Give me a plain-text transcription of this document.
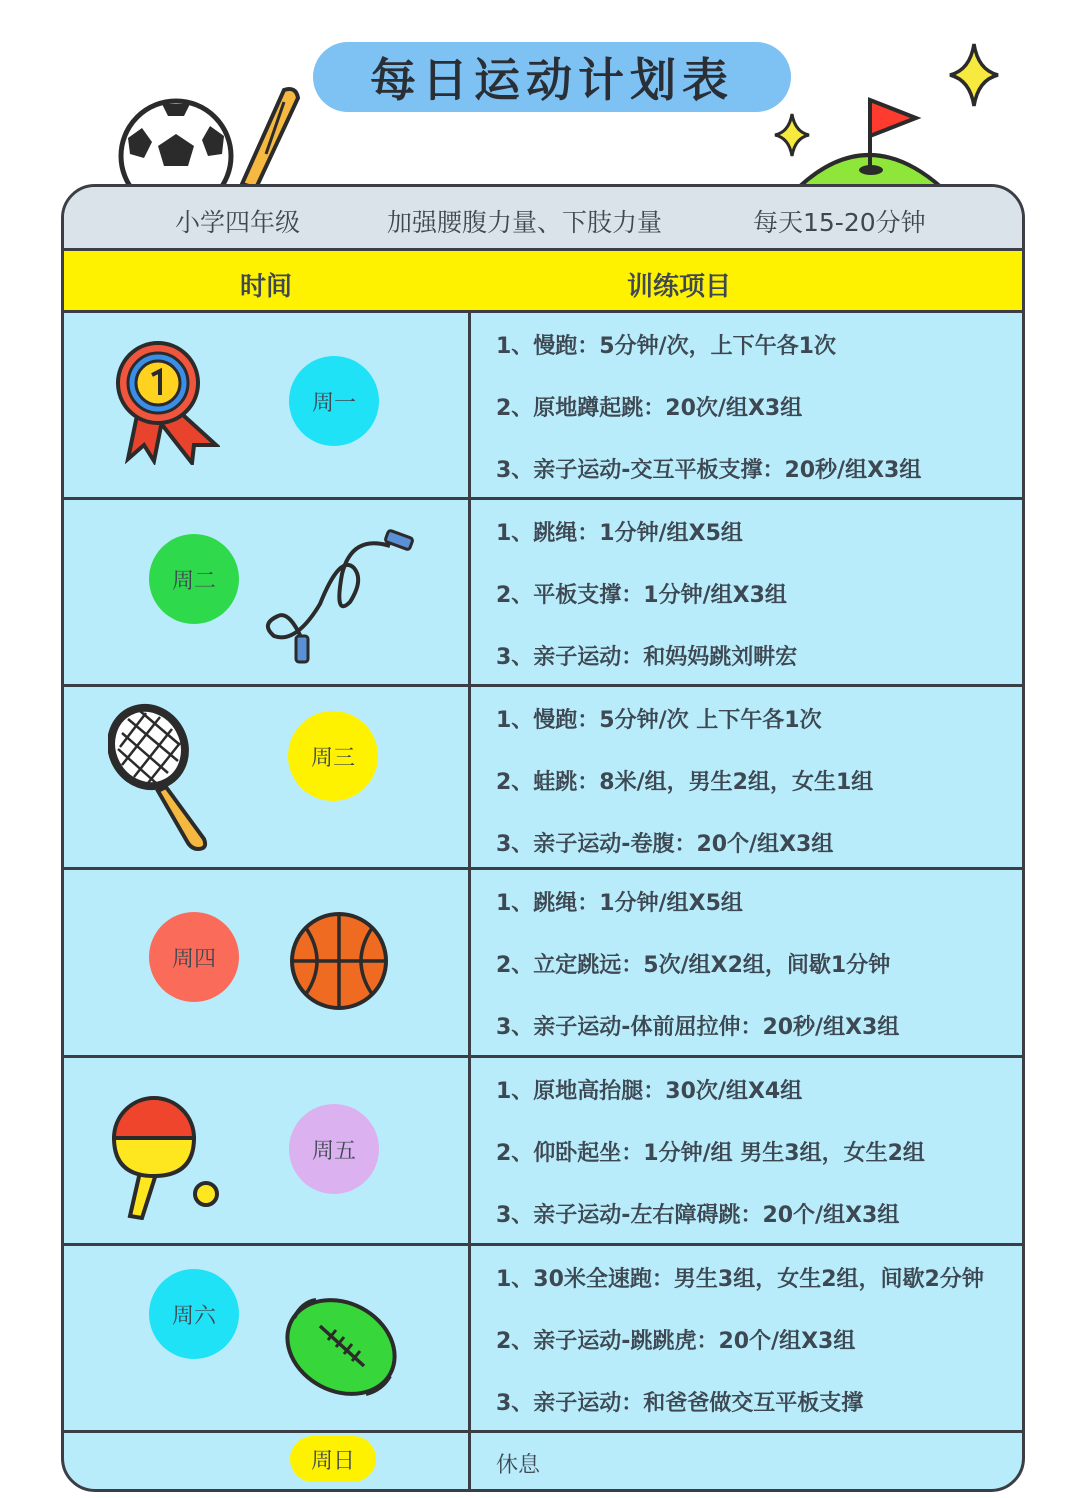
每日运动计划表
小学四年级	加强腰腹力量、下肢力量	每天15-20分钟
时间	训练项目
周一
1、慢跑：5分钟/次，上下午各1次
2、原地蹲起跳：20次/组X3组
3、亲子运动-交互平板支撑：20秒/组X3组
周二
1、跳绳：1分钟/组X5组
2、平板支撑：1分钟/组X3组
3、亲子运动：和妈妈跳刘畊宏
周三
1、慢跑：5分钟/次 上下午各1次
2、蛙跳：8米/组，男生2组，女生1组
3、亲子运动-卷腹：20个/组X3组
周四
1、跳绳：1分钟/组X5组
2、立定跳远：5次/组X2组，间歇1分钟
3、亲子运动-体前屈拉伸：20秒/组X3组
周五
1、原地高抬腿：30次/组X4组
2、仰卧起坐：1分钟/组 男生3组，女生2组
3、亲子运动-左右障碍跳：20个/组X3组
周六
1、30米全速跑：男生3组，女生2组，间歇2分钟
2、亲子运动-跳跳虎：20个/组X3组
3、亲子运动：和爸爸做交互平板支撑
周日	休息
